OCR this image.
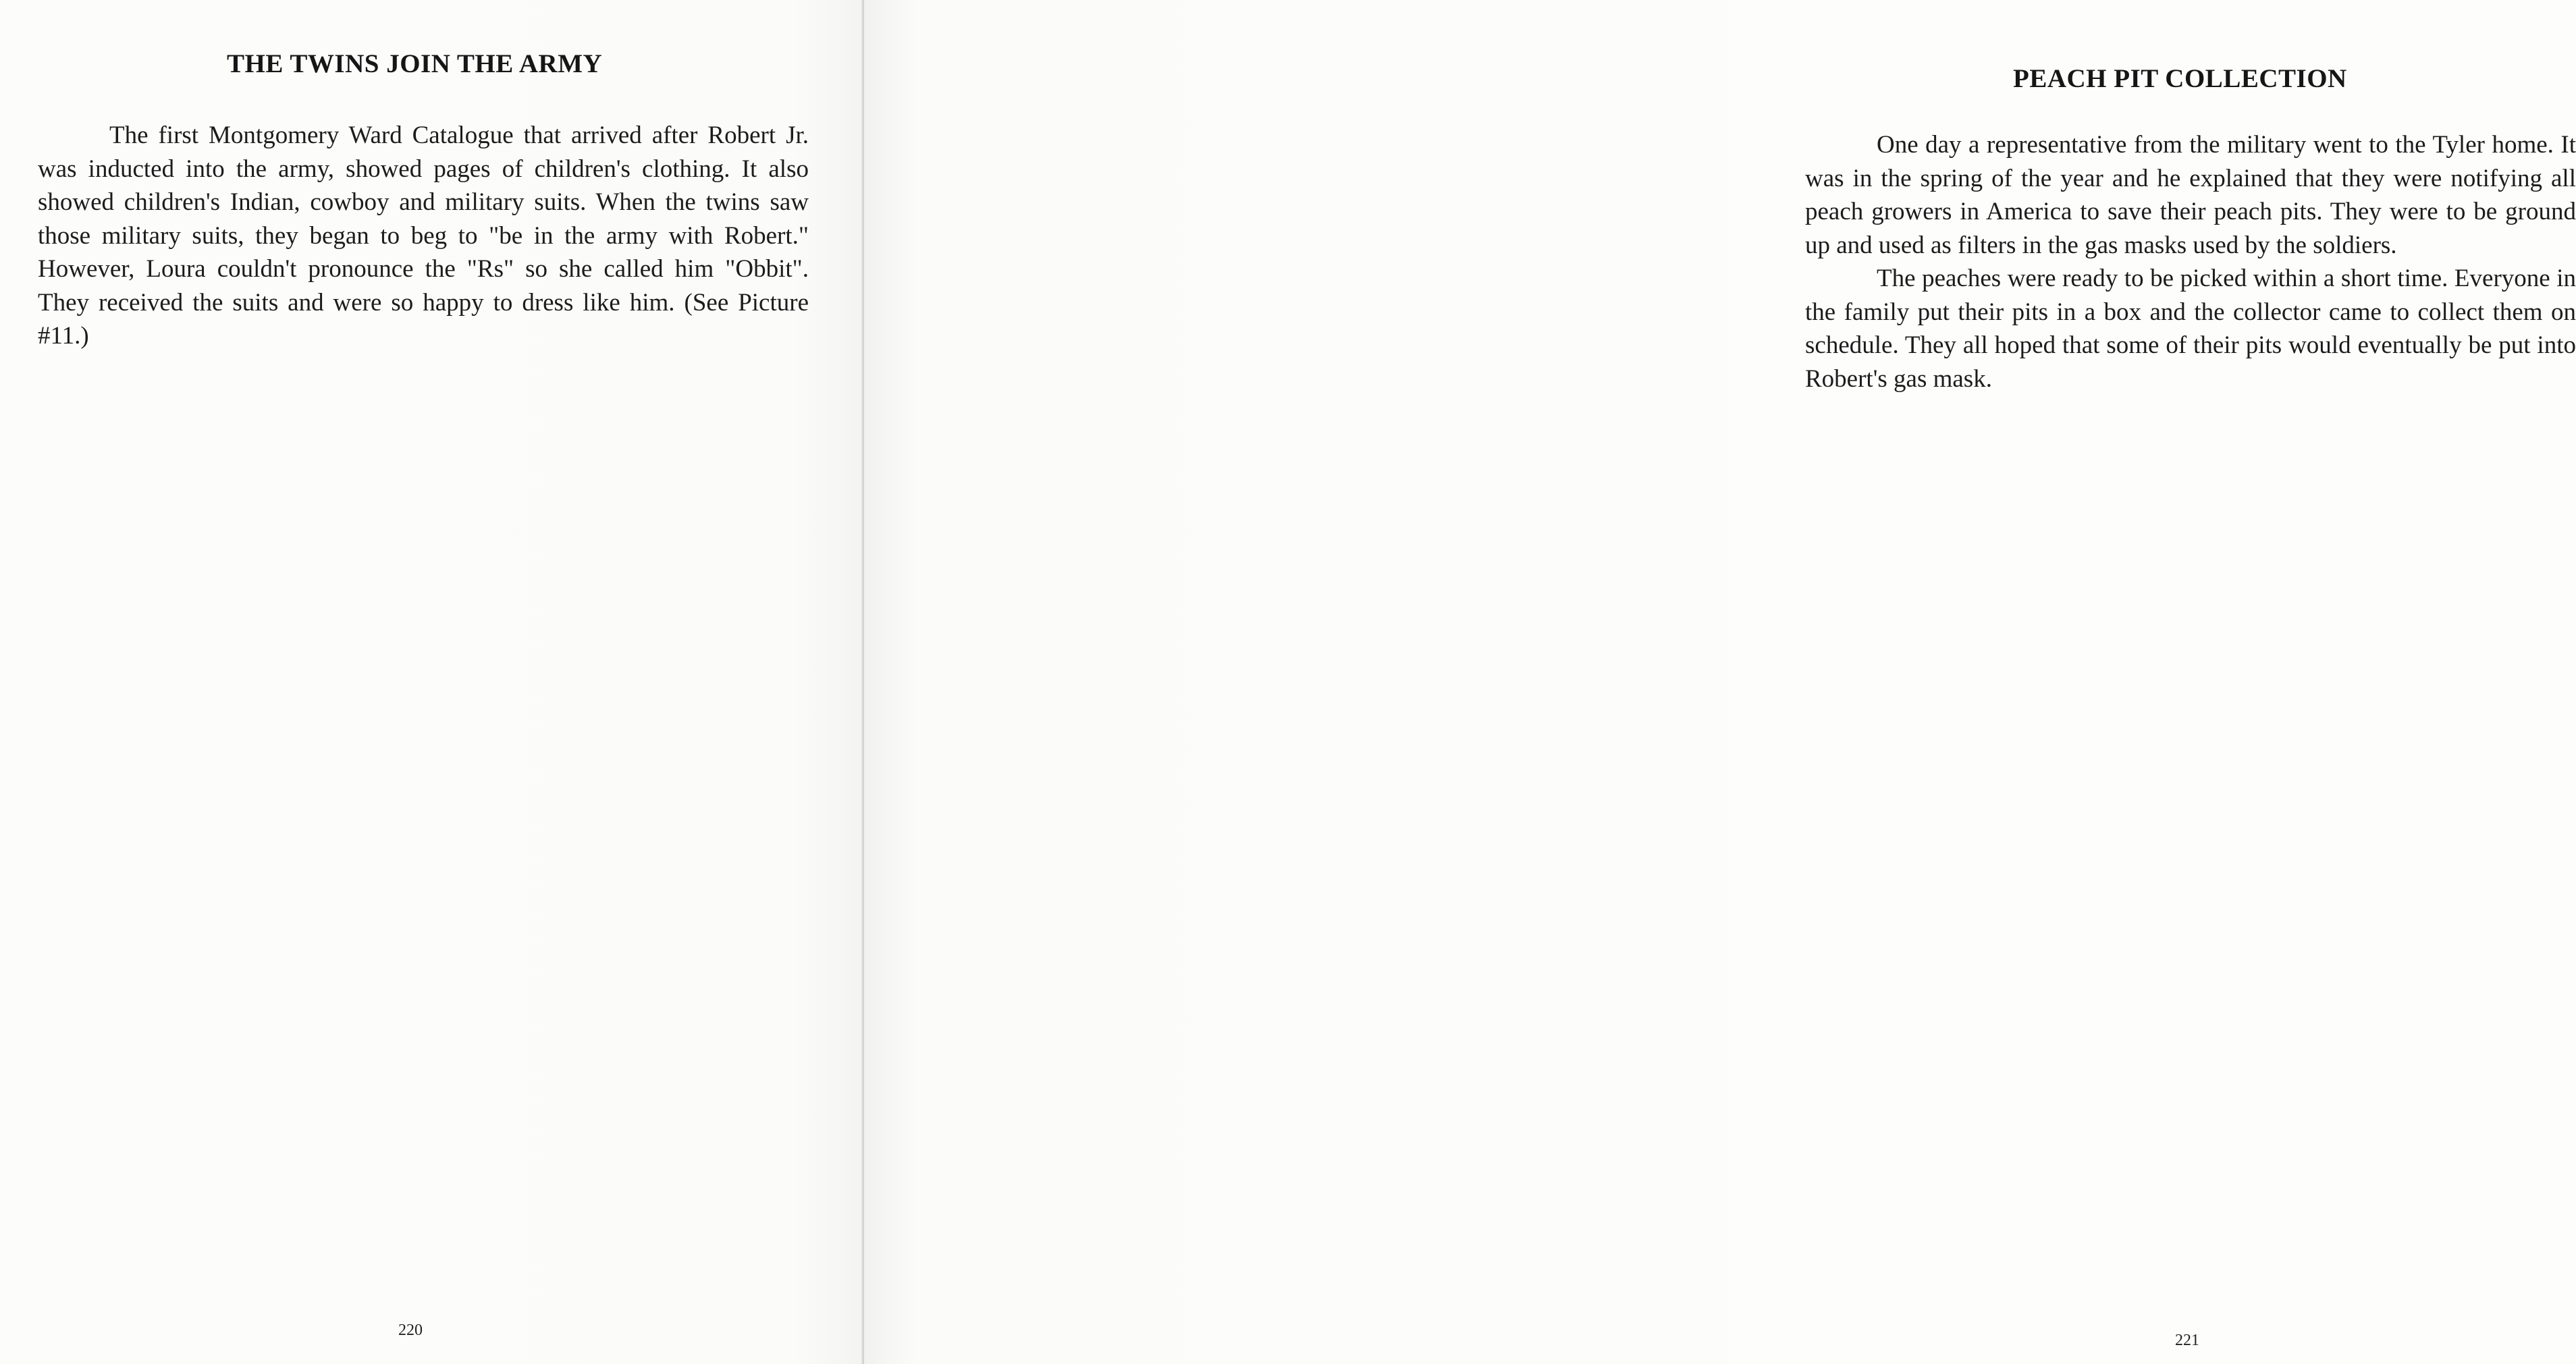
THE TWINS JOIN THE ARMY

The first Montgomery Ward Catalogue that arrived after Robert Jr. was inducted into the army, showed pages of children's clothing. It also showed children's Indian, cowboy and military suits. When the twins saw those military suits, they began to beg to "be in the army with Robert." However, Loura couldn't pronounce the "Rs" so she called him "Obbit". They received the suits and were so happy to dress like him. (See Picture #11.)

220
PEACH PIT COLLECTION

One day a representative from the military went to the Tyler home. It was in the spring of the year and he explained that they were notifying all peach growers in America to save their peach pits. They were to be ground up and used as filters in the gas masks used by the soldiers.

The peaches were ready to be picked within a short time. Everyone in the family put their pits in a box and the collector came to collect them on schedule. They all hoped that some of their pits would eventually be put into Robert's gas mask.

221
